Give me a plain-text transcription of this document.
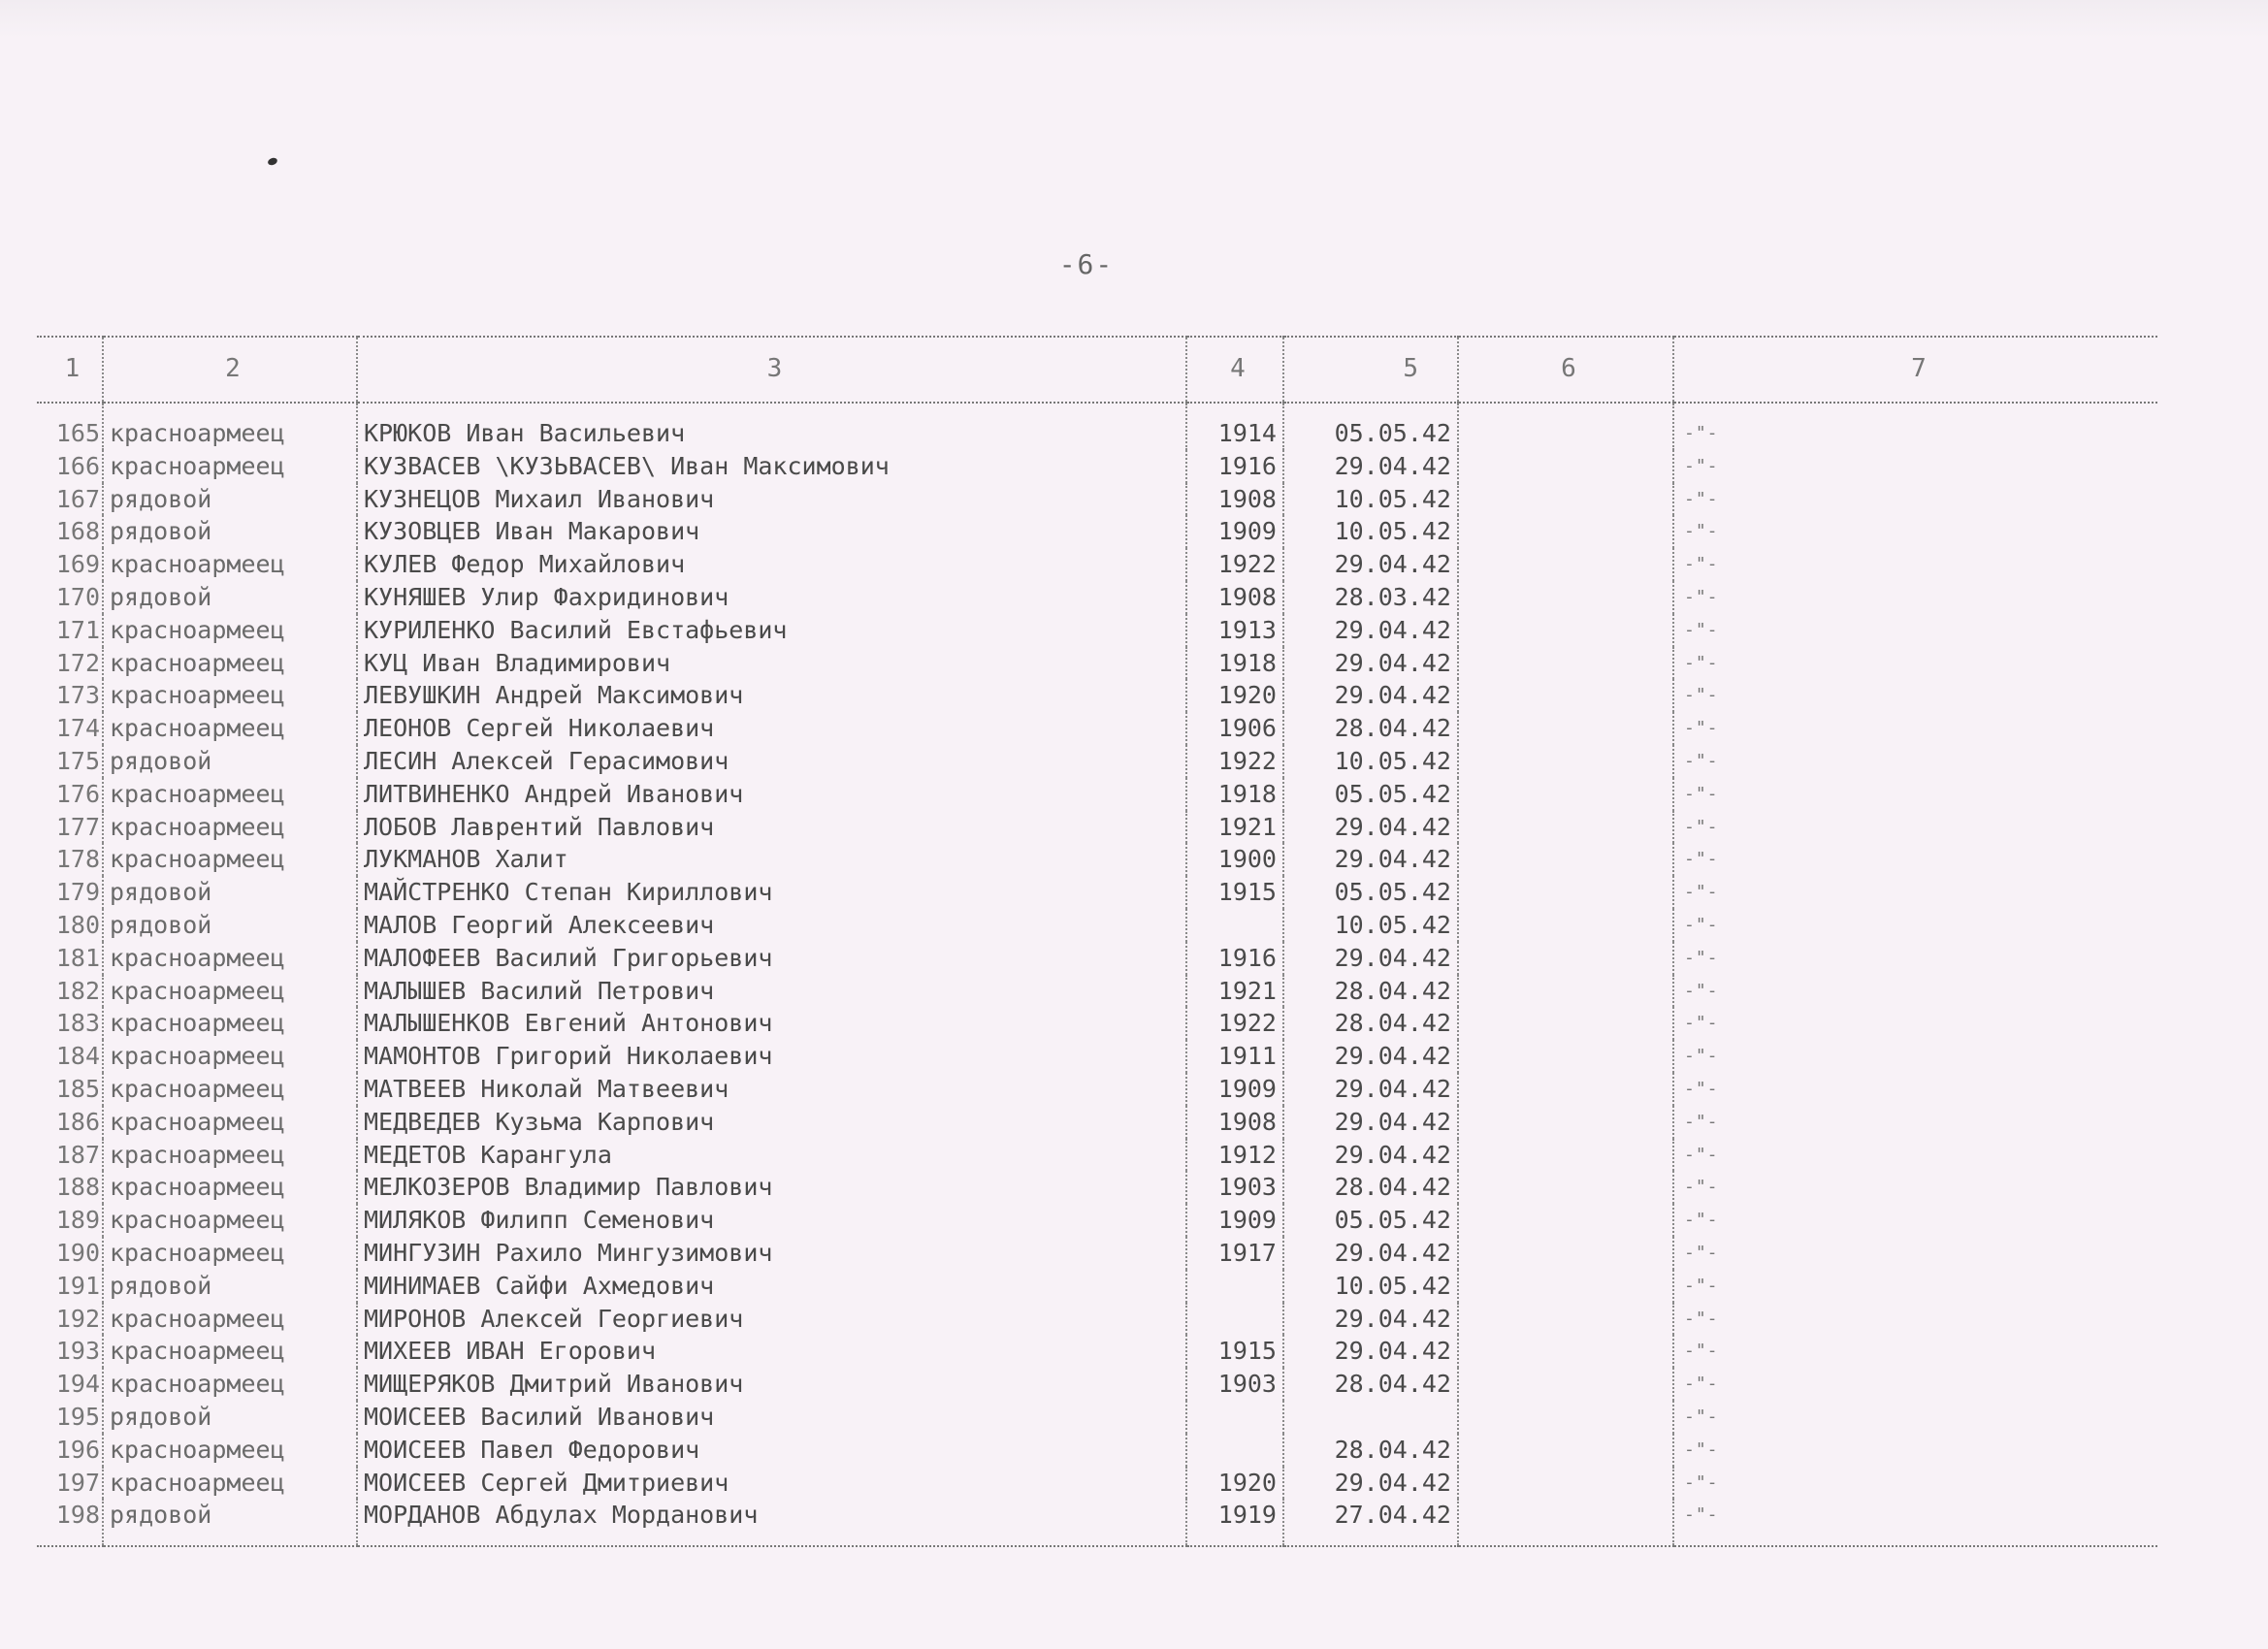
-6-
1	2	3	4	5	6	7
165	красноармеец	КРЮКОВ Иван Васильевич	1914	05.05.42		-"-
166	красноармеец	КУЗВАСЕВ \КУЗЬВАСЕВ\ Иван Максимович	1916	29.04.42		-"-
167	рядовой	КУЗНЕЦОВ Михаил Иванович	1908	10.05.42		-"-
168	рядовой	КУЗОВЦЕВ Иван Макарович	1909	10.05.42		-"-
169	красноармеец	КУЛЕВ Федор Михайлович	1922	29.04.42		-"-
170	рядовой	КУНЯШЕВ Улир Фахридинович	1908	28.03.42		-"-
171	красноармеец	КУРИЛЕНКО Василий Евстафьевич	1913	29.04.42		-"-
172	красноармеец	КУЦ Иван Владимирович	1918	29.04.42		-"-
173	красноармеец	ЛЕВУШКИН Андрей Максимович	1920	29.04.42		-"-
174	красноармеец	ЛЕОНОВ Сергей Николаевич	1906	28.04.42		-"-
175	рядовой	ЛЕСИН Алексей Герасимович	1922	10.05.42		-"-
176	красноармеец	ЛИТВИНЕНКО Андрей Иванович	1918	05.05.42		-"-
177	красноармеец	ЛОБОВ Лаврентий Павлович	1921	29.04.42		-"-
178	красноармеец	ЛУКМАНОВ Халит	1900	29.04.42		-"-
179	рядовой	МАЙСТРЕНКО Степан Кириллович	1915	05.05.42		-"-
180	рядовой	МАЛОВ Георгий Алексеевич		10.05.42		-"-
181	красноармеец	МАЛОФЕЕВ Василий Григорьевич	1916	29.04.42		-"-
182	красноармеец	МАЛЫШЕВ Василий Петрович	1921	28.04.42		-"-
183	красноармеец	МАЛЫШЕНКОВ Евгений Антонович	1922	28.04.42		-"-
184	красноармеец	МАМОНТОВ Григорий Николаевич	1911	29.04.42		-"-
185	красноармеец	МАТВЕЕВ Николай Матвеевич	1909	29.04.42		-"-
186	красноармеец	МЕДВЕДЕВ Кузьма Карпович	1908	29.04.42		-"-
187	красноармеец	МЕДЕТОВ Карангула	1912	29.04.42		-"-
188	красноармеец	МЕЛКОЗЕРОВ Владимир Павлович	1903	28.04.42		-"-
189	красноармеец	МИЛЯКОВ Филипп Семенович	1909	05.05.42		-"-
190	красноармеец	МИНГУЗИН Рахило Мингузимович	1917	29.04.42		-"-
191	рядовой	МИНИМАЕВ Сайфи Ахмедович		10.05.42		-"-
192	красноармеец	МИРОНОВ Алексей Георгиевич		29.04.42		-"-
193	красноармеец	МИХЕЕВ ИВАН Егорович	1915	29.04.42		-"-
194	красноармеец	МИЩЕРЯКОВ Дмитрий Иванович	1903	28.04.42		-"-
195	рядовой	МОИСЕЕВ Василий Иванович				-"-
196	красноармеец	МОИСЕЕВ Павел Федорович		28.04.42		-"-
197	красноармеец	МОИСЕЕВ Сергей Дмитриевич	1920	29.04.42		-"-
198	рядовой	МОРДАНОВ Абдулах Морданович	1919	27.04.42		-"-
